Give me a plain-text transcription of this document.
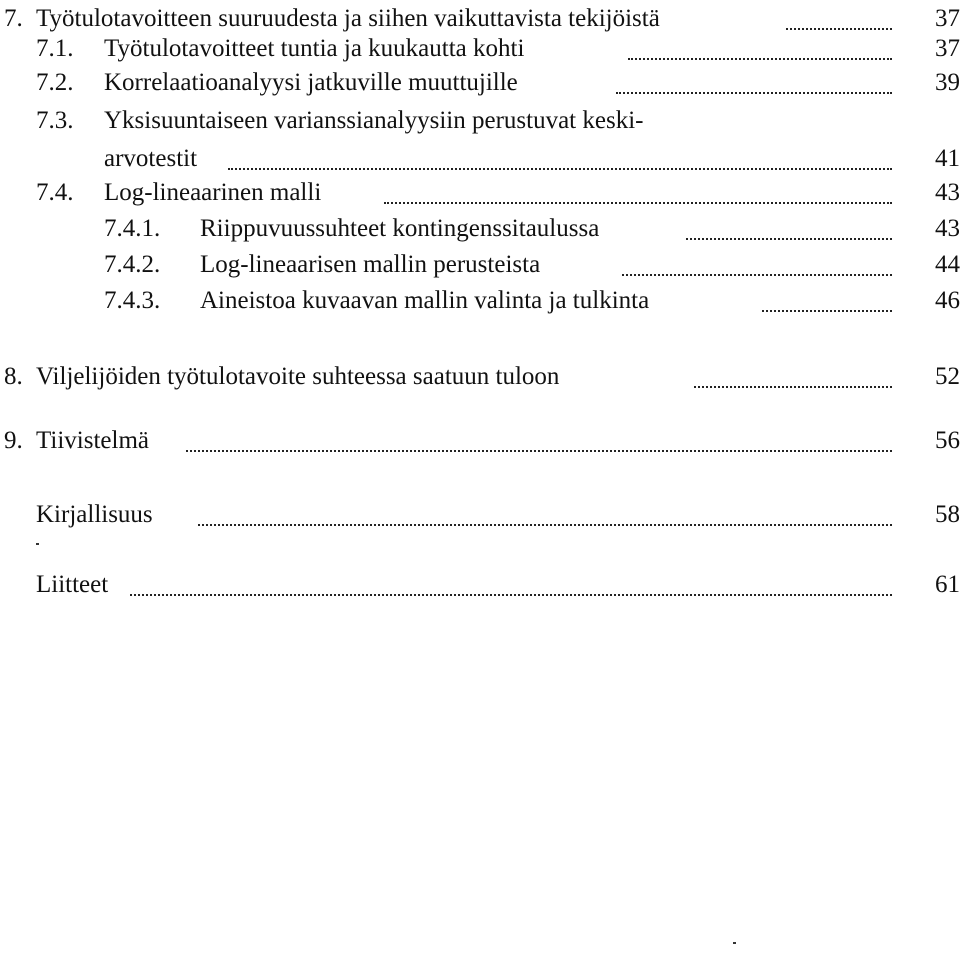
7. Työtulotavoitteen suuruudesta ja siihen vaikuttavista tekijöistä	37
7.1. Työtulotavoitteet tuntia ja kuukautta kohti	37
7.2. Korrelaatioanalyysi jatkuville muuttujille	39
7.3. Yksisuuntaiseen varianssianalyysiin perustuvat keski-
arvotestit	41
7.4. Log-lineaarinen malli	43
7.4.1. Riippuvuussuhteet kontingenssitaulussa	43
7.4.2. Log-lineaarisen mallin perusteista	44
7.4.3. Aineistoa kuvaavan mallin valinta ja tulkinta	46
8. Viljelijöiden työtulotavoite suhteessa saatuun tuloon	52
9. Tiivistelmä	56
Kirjallisuus	58
Liitteet	61
